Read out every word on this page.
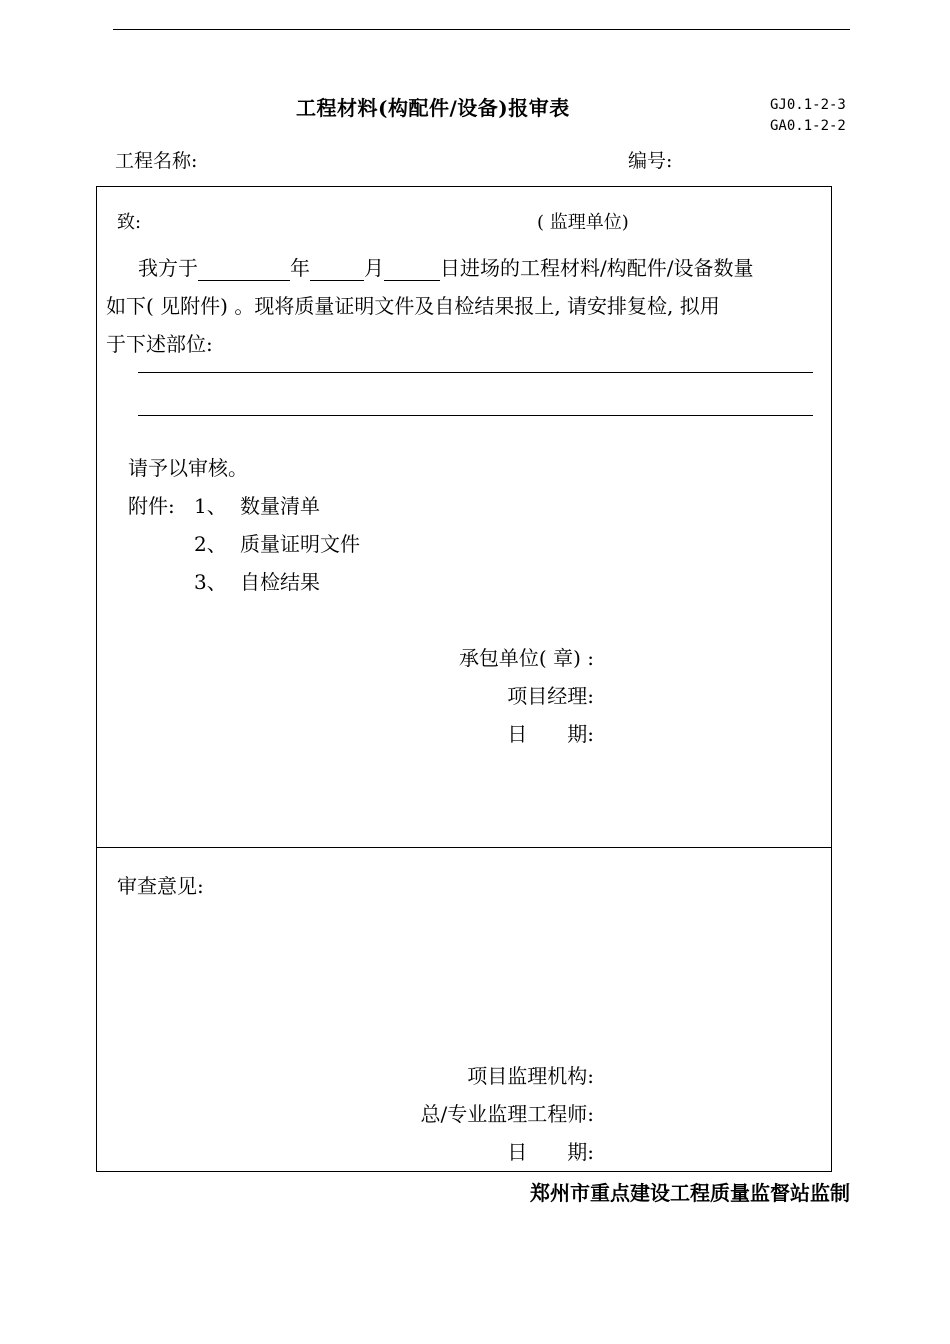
工程材料(构配件/设备)报审表	GJ0.1-2-3
GA0.1-2-2
工程名称:	编号:
致:	( 监理单位)
我方于	年	月	日进场的工程材料/构配件/设备数量
如下( 见附件) 。现将质量证明文件及自检结果报上, 请安排复检, 拟用
于下述部位:
请予以审核。
附件: 1、 数量清单
2、 质量证明文件
3、 自检结果
承包单位( 章) :
项目经理:
日　　期:
审查意见:
项目监理机构:
总/专业监理工程师:
日　　期:
郑州市重点建设工程质量监督站监制
